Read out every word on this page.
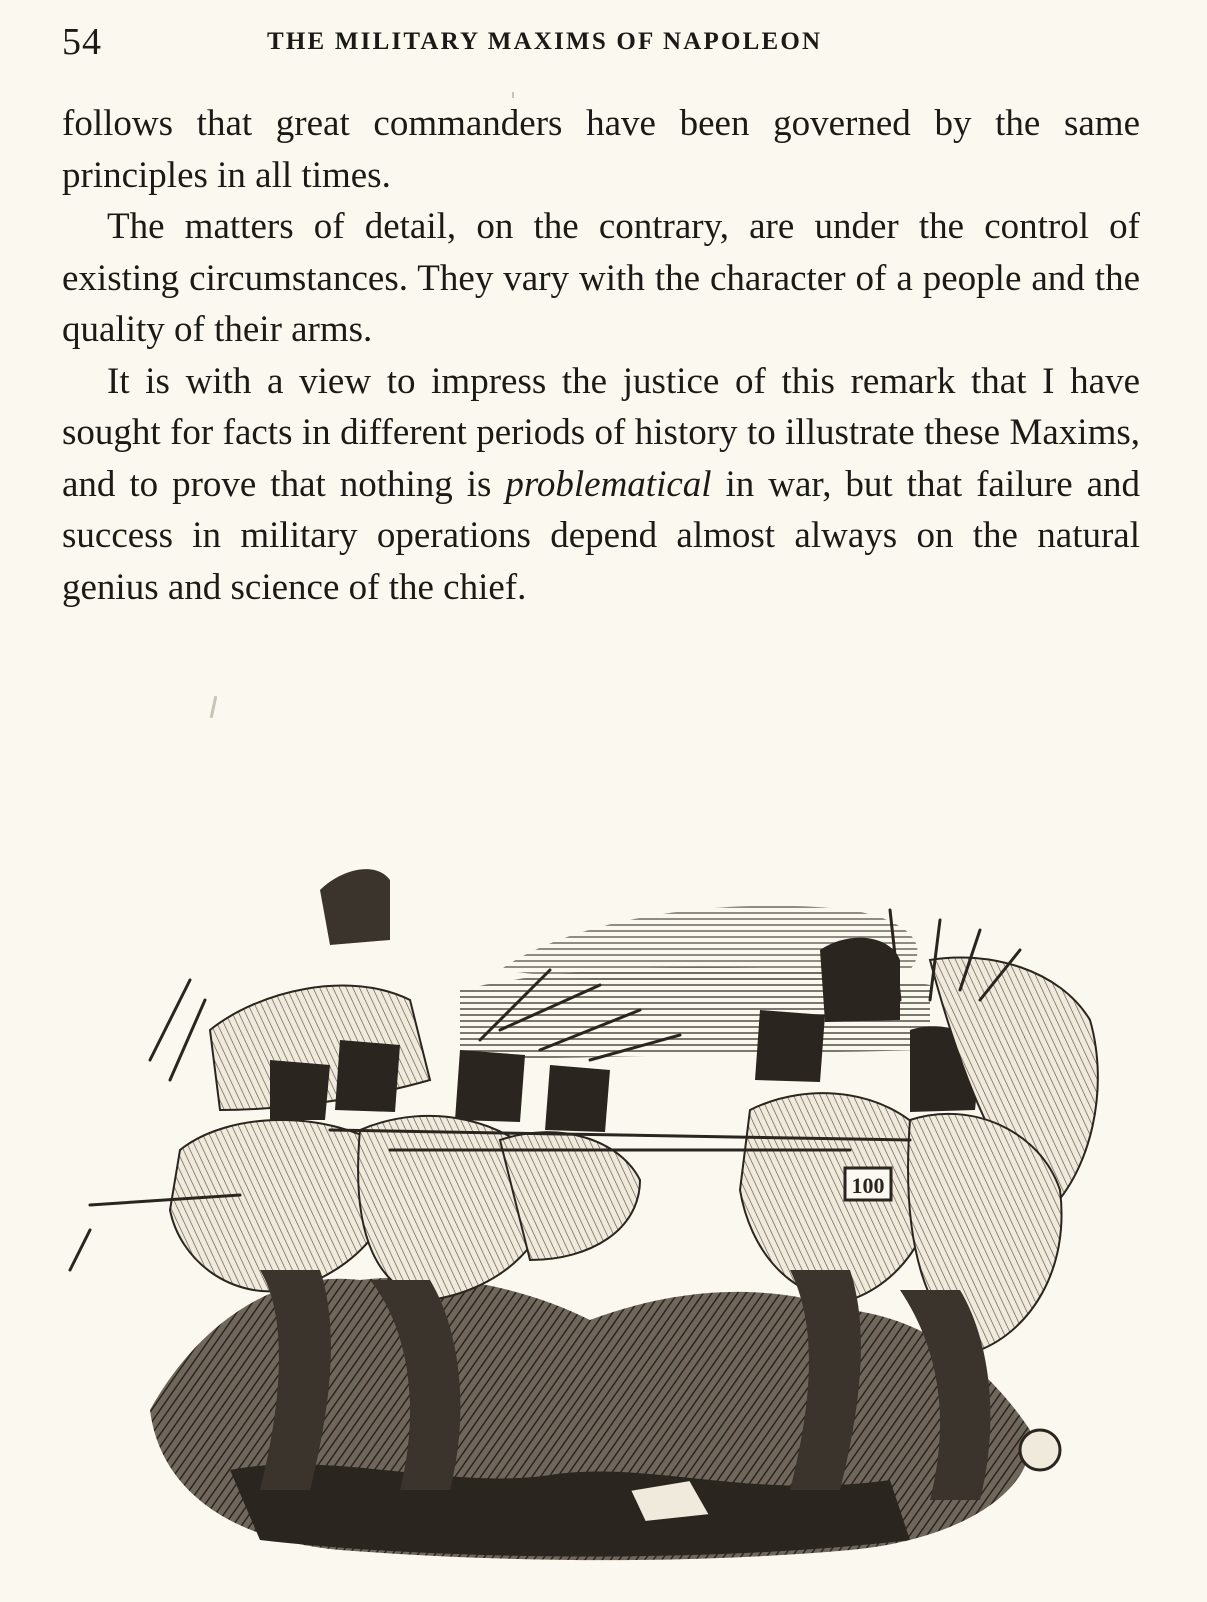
54	THE MILITARY MAXIMS OF NAPOLEON

follows that great commanders have been governed by the same principles in all times.

The matters of detail, on the contrary, are under the control of existing circumstances. They vary with the character of a people and the quality of their arms.

It is with a view to impress the justice of this remark that I have sought for facts in different periods of history to illustrate these Maxims, and to prove that nothing is problematical in war, but that failure and success in military operations depend almost always on the natural genius and science of the chief.

100
